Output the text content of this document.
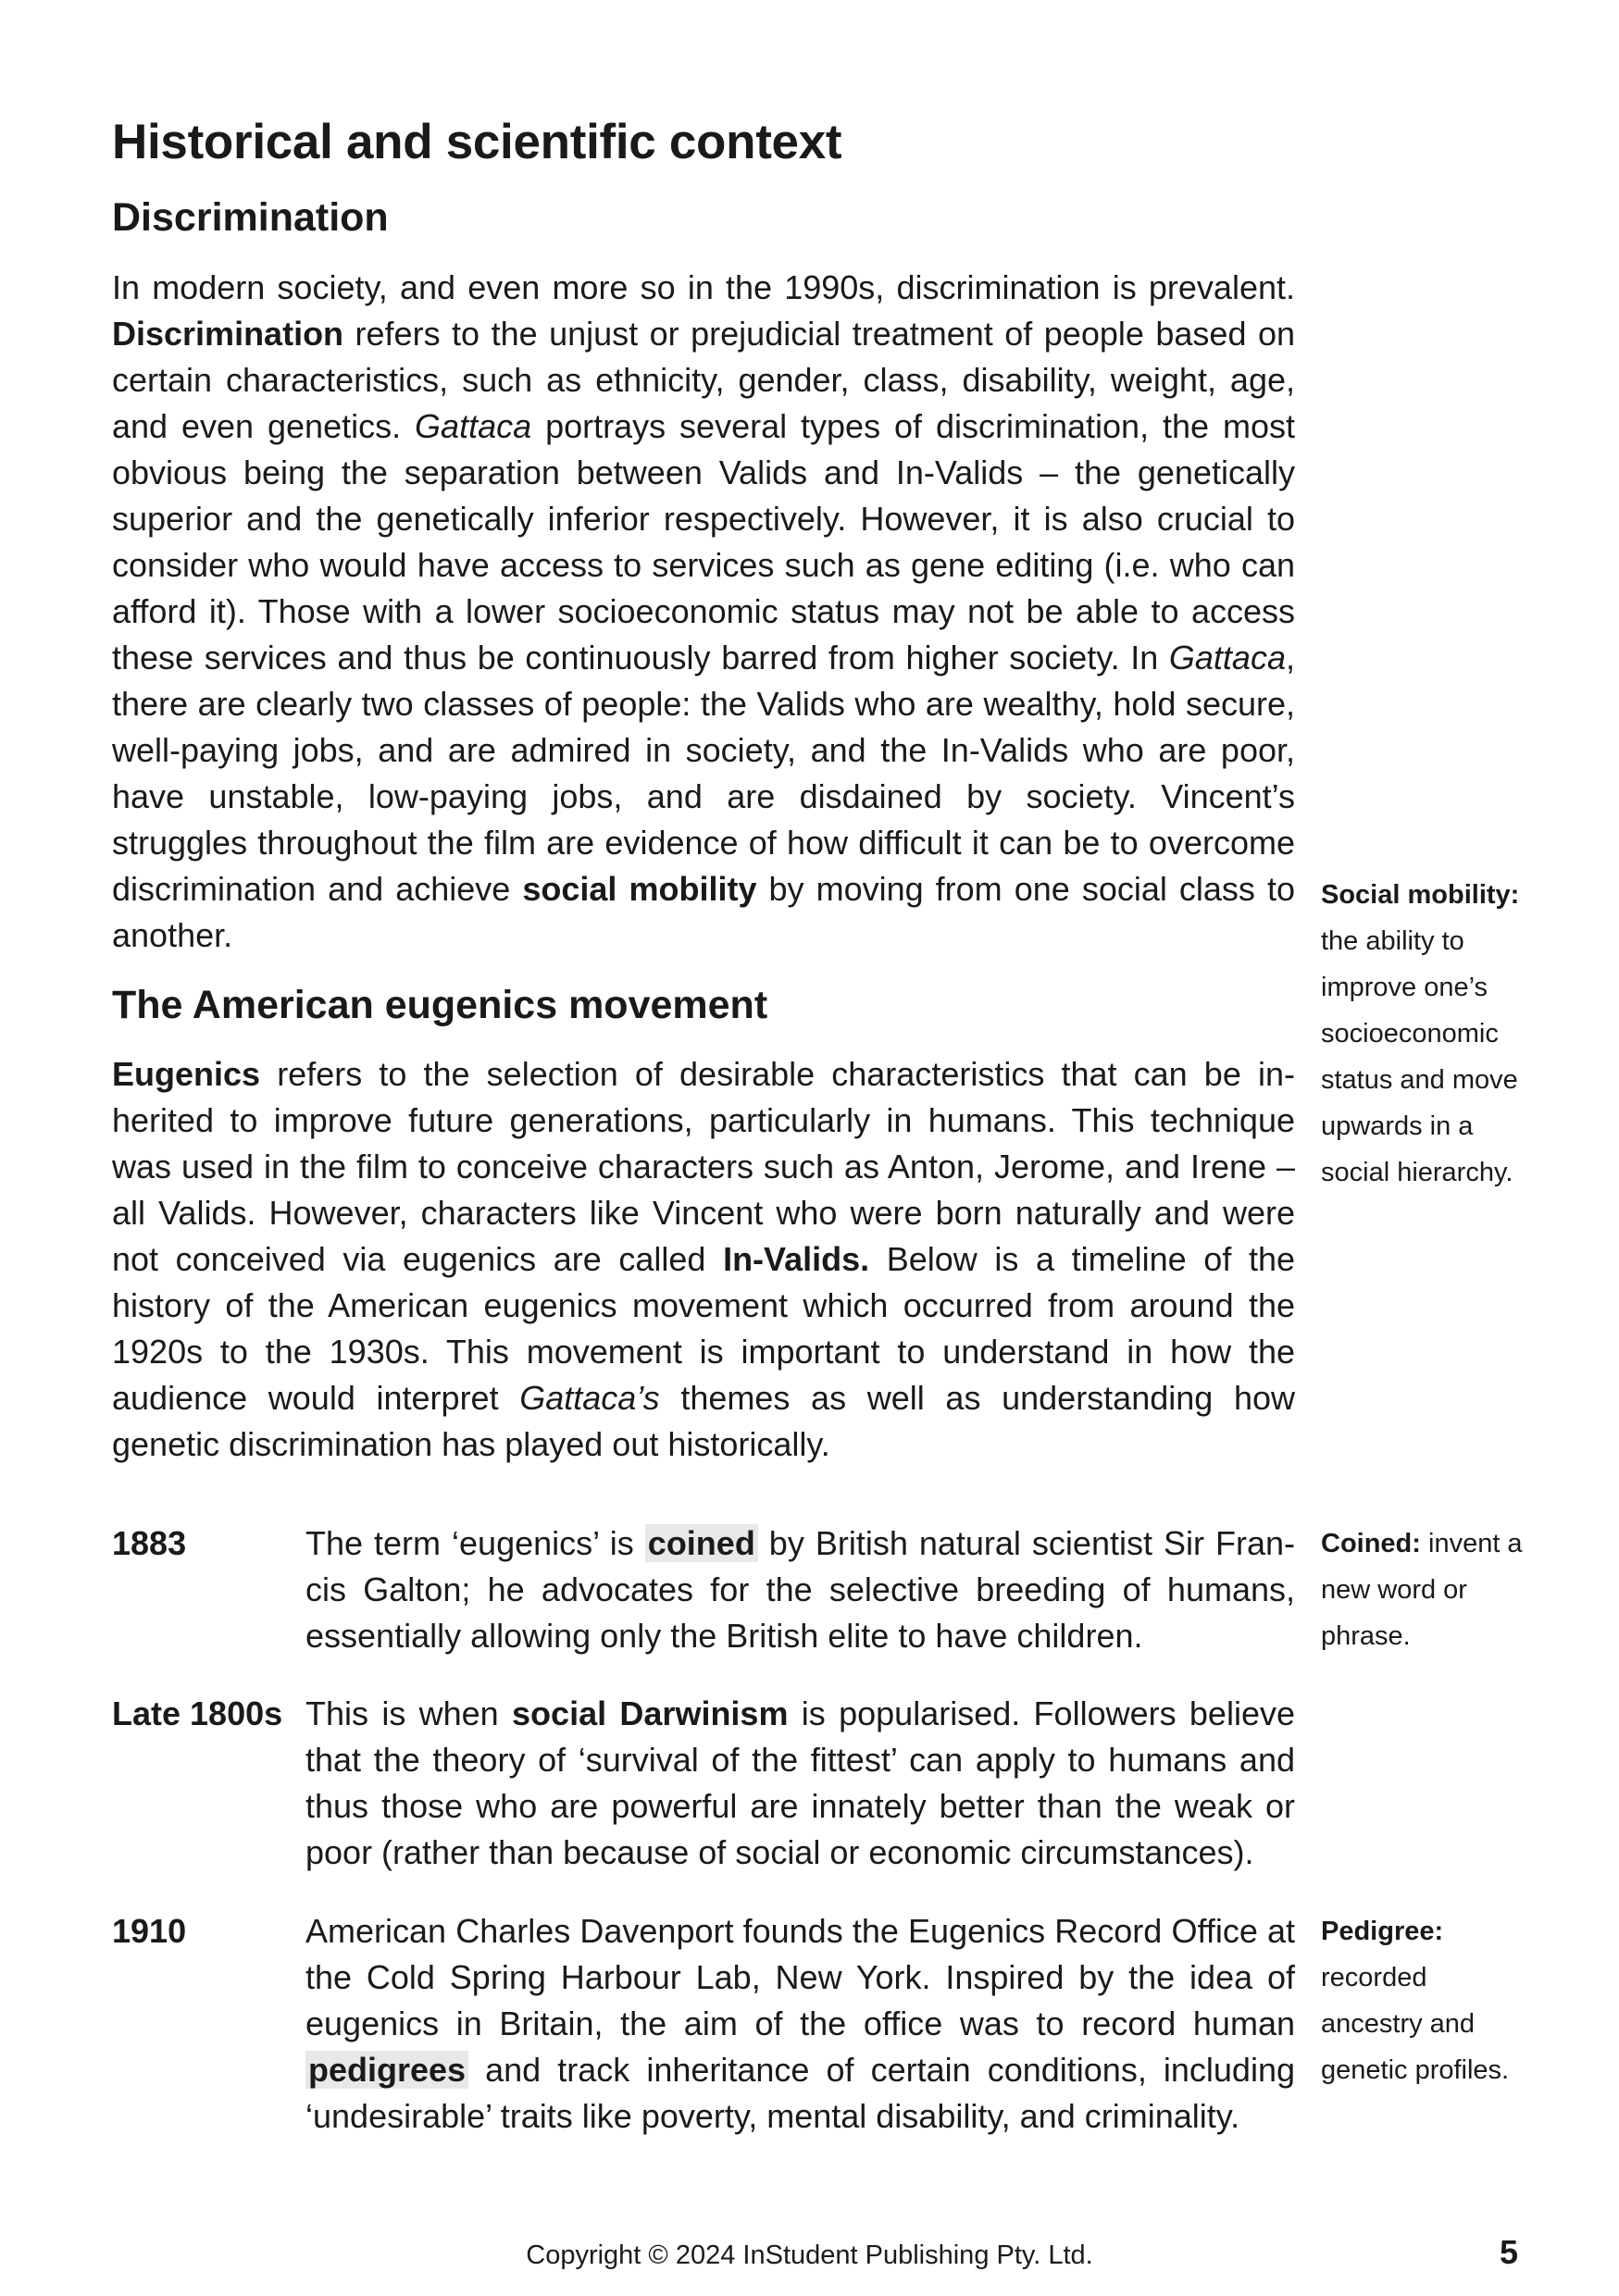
Historical and scientific context
Discrimination

In modern society, and even more so in the 1990s, discrimination is prevalent. Discrimination refers to the unjust or prejudicial treatment of people based on certain characteristics, such as ethnicity, gender, class, disability, weight, age, and even genetics. Gattaca portrays several types of discrimination, the most obvious being the separation between Valids and In-Valids – the genetically superior and the genetically inferior respectively. However, it is also crucial to consider who would have access to services such as gene editing (i.e. who can afford it). Those with a lower socioeconomic status may not be able to access these services and thus be continuously barred from higher society. In Gattaca, there are clearly two classes of people: the Valids who are wealthy, hold secure, well-paying jobs, and are admired in society, and the In-Valids who are poor, have unstable, low-paying jobs, and are disdained by society. Vincent’s struggles throughout the film are evidence of how difficult it can be to overcome discrimination and achieve social mobility by moving from one social class to another.

Social mobility: the ability to improve one’s socioeconomic status and move upwards in a social hierarchy.

The American eugenics movement

Eugenics refers to the selection of desirable characteristics that can be inherited to improve future generations, particularly in humans. This technique was used in the film to conceive characters such as Anton, Jerome, and Irene – all Valids. However, characters like Vincent who were born naturally and were not conceived via eugenics are called In-Valids. Below is a timeline of the history of the American eugenics movement which occurred from around the 1920s to the 1930s. This movement is important to understand in how the audience would interpret Gattaca’s themes as well as understanding how genetic discrimination has played out historically.

1883	The term ‘eugenics’ is coined by British natural scientist Sir Francis Galton; he advocates for the selective breeding of humans, essentially allowing only the British elite to have children.

Coined: invent a new word or phrase.

Late 1800s This is when social Darwinism is popularised. Followers believe that the theory of ‘survival of the fittest’ can apply to humans and thus those who are powerful are innately better than the weak or poor (rather than because of social or economic circumstances).

1910	American Charles Davenport founds the Eugenics Record Office at the Cold Spring Harbour Lab, New York. Inspired by the idea of eugenics in Britain, the aim of the office was to record human pedigrees and track inheritance of certain conditions, including ‘undesirable’ traits like poverty, mental disability, and criminality.

Pedigree: recorded ancestry and genetic profiles.

Copyright © 2024 InStudent Publishing Pty. Ltd.	5
